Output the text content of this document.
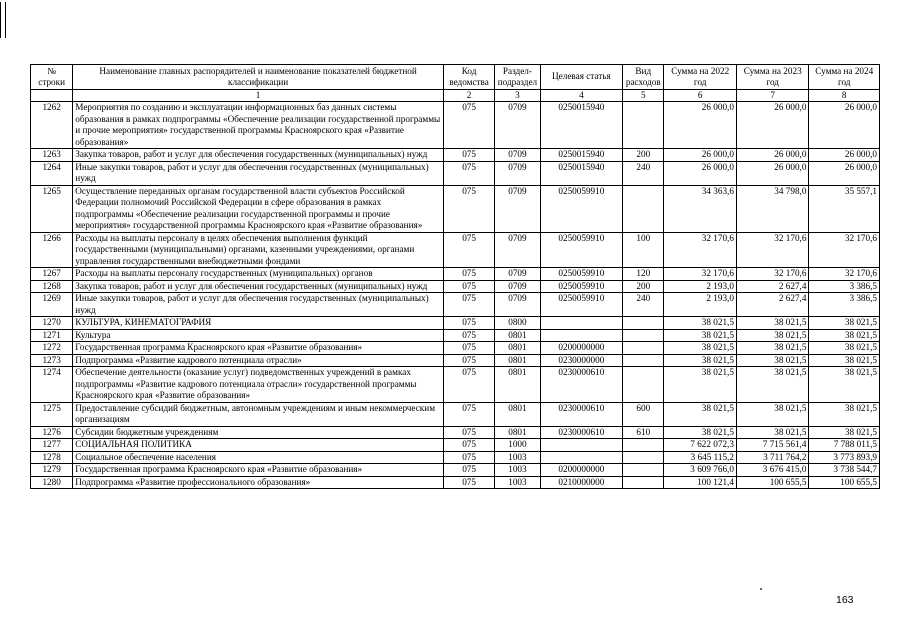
№ строки	Наименование главных распорядителей и наименование показателей бюджетной классификации	Код ведомства	Раздел-подраздел	Целевая статья	Вид расходов	Сумма на 2022 год	Сумма на 2023 год	Сумма на 2024 год
	1	2	3	4	5	6	7	8
1262	Мероприятия по созданию и эксплуатации информационных баз данных системы образования в рамках подпрограммы «Обеспечение реализации государственной программы и прочие мероприятия» государственной программы Красноярского края «Развитие образования»	075	0709	0250015940		26 000,0	26 000,0	26 000,0
1263	Закупка товаров, работ и услуг для обеспечения государственных (муниципальных) нужд	075	0709	0250015940	200	26 000,0	26 000,0	26 000,0
1264	Иные закупки товаров, работ и услуг для обеспечения государственных (муниципальных) нужд	075	0709	0250015940	240	26 000,0	26 000,0	26 000,0
1265	Осуществление переданных органам государственной власти субъектов Российской Федерации полномочий Российской Федерации в сфере образования в рамках подпрограммы «Обеспечение реализации государственной программы и прочие мероприятия» государственной программы Красноярского края «Развитие образования»	075	0709	0250059910		34 363,6	34 798,0	35 557,1
1266	Расходы на выплаты персоналу в целях обеспечения выполнения функций государственными (муниципальными) органами, казенными учреждениями, органами управления государственными внебюджетными фондами	075	0709	0250059910	100	32 170,6	32 170,6	32 170,6
1267	Расходы на выплаты персоналу государственных (муниципальных) органов	075	0709	0250059910	120	32 170,6	32 170,6	32 170,6
1268	Закупка товаров, работ и услуг для обеспечения государственных (муниципальных) нужд	075	0709	0250059910	200	2 193,0	2 627,4	3 386,5
1269	Иные закупки товаров, работ и услуг для обеспечения государственных (муниципальных) нужд	075	0709	0250059910	240	2 193,0	2 627,4	3 386,5
1270	КУЛЬТУРА, КИНЕМАТОГРАФИЯ	075	0800			38 021,5	38 021,5	38 021,5
1271	Культура	075	0801			38 021,5	38 021,5	38 021,5
1272	Государственная программа Красноярского края «Развитие образования»	075	0801	0200000000		38 021,5	38 021,5	38 021,5
1273	Подпрограмма «Развитие кадрового потенциала отрасли»	075	0801	0230000000		38 021,5	38 021,5	38 021,5
1274	Обеспечение деятельности (оказание услуг) подведомственных учреждений в рамках подпрограммы «Развитие кадрового потенциала отрасли» государственной программы Красноярского края «Развитие образования»	075	0801	0230000610		38 021,5	38 021,5	38 021,5
1275	Предоставление субсидий бюджетным, автономным учреждениям и иным некоммерческим организациям	075	0801	0230000610	600	38 021,5	38 021,5	38 021,5
1276	Субсидии бюджетным учреждениям	075	0801	0230000610	610	38 021,5	38 021,5	38 021,5
1277	СОЦИАЛЬНАЯ ПОЛИТИКА	075	1000			7 622 072,3	7 715 561,4	7 788 011,5
1278	Социальное обеспечение населения	075	1003			3 645 115,2	3 711 764,2	3 773 893,9
1279	Государственная программа Красноярского края «Развитие образования»	075	1003	0200000000		3 609 766,0	3 676 415,0	3 738 544,7
1280	Подпрограмма «Развитие профессионального образования»	075	1003	0210000000		100 121,4	100 655,5	100 655,5
163
